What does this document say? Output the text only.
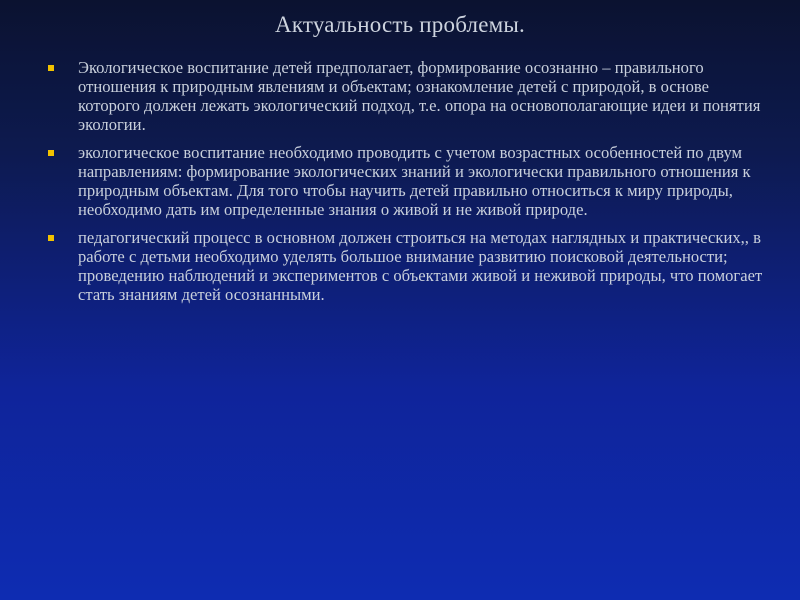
Актуальность проблемы.
Экологическое воспитание детей предполагает, формирование осознанно – правильного отношения к природным явлениям и объектам; ознакомление детей с природой, в основе которого должен лежать экологический подход, т.е. опора на основополагающие идеи и понятия экологии.
экологическое воспитание необходимо проводить с учетом возрастных особенностей по двум направлениям: формирование экологических знаний и экологически правильного отношения к природным объектам. Для того чтобы научить детей правильно относиться к миру природы, необходимо дать им определенные знания о живой и не живой природе.
педагогический процесс в основном должен строиться на методах наглядных и практических,, в работе с детьми необходимо уделять большое внимание развитию поисковой деятельности; проведению наблюдений и экспериментов с объектами живой и неживой природы, что помогает стать знаниям детей осознанными.
